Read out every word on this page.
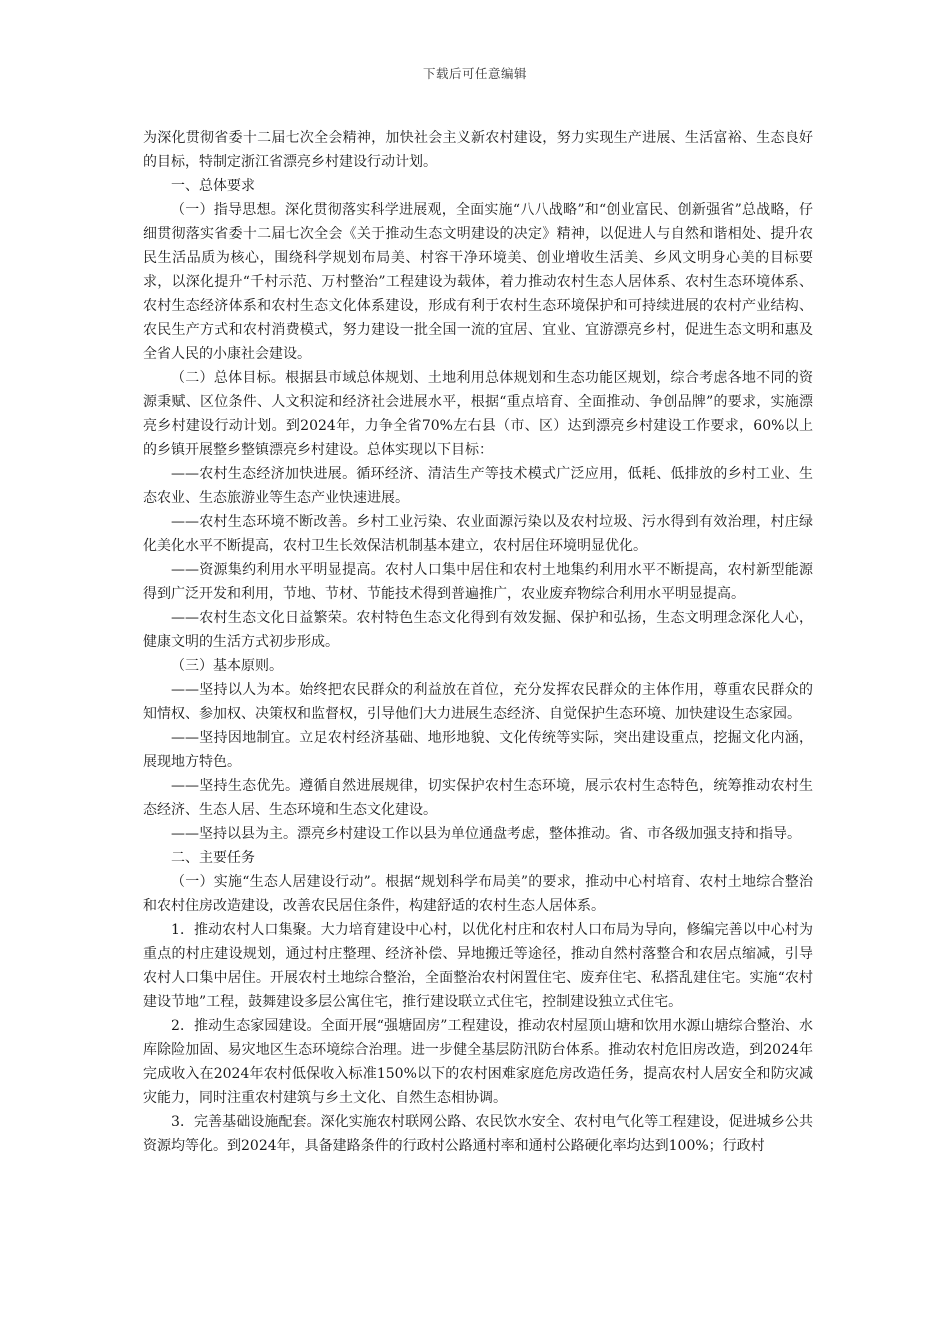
下载后可任意编辑

为深化贯彻省委十二届七次全会精神，加快社会主义新农村建设，努力实现生产进展、生活富裕、生态良好的目标，特制定浙江省漂亮乡村建设行动计划。

一、总体要求

（一）指导思想。深化贯彻落实科学进展观，全面实施“八八战略”和“创业富民、创新强省”总战略，仔细贯彻落实省委十二届七次全会《关于推动生态文明建设的决定》精神，以促进人与自然和谐相处、提升农民生活品质为核心，围绕科学规划布局美、村容干净环境美、创业增收生活美、乡风文明身心美的目标要求，以深化提升“千村示范、万村整治”工程建设为载体，着力推动农村生态人居体系、农村生态环境体系、农村生态经济体系和农村生态文化体系建设，形成有利于农村生态环境保护和可持续进展的农村产业结构、农民生产方式和农村消费模式，努力建设一批全国一流的宜居、宜业、宜游漂亮乡村，促进生态文明和惠及全省人民的小康社会建设。

（二）总体目标。根据县市域总体规划、土地利用总体规划和生态功能区规划，综合考虑各地不同的资源秉赋、区位条件、人文积淀和经济社会进展水平，根据“重点培育、全面推动、争创品牌”的要求，实施漂亮乡村建设行动计划。到2024年，力争全省70%左右县（市、区）达到漂亮乡村建设工作要求，60%以上的乡镇开展整乡整镇漂亮乡村建设。总体实现以下目标：

——农村生态经济加快进展。循环经济、清洁生产等技术模式广泛应用，低耗、低排放的乡村工业、生态农业、生态旅游业等生态产业快速进展。

——农村生态环境不断改善。乡村工业污染、农业面源污染以及农村垃圾、污水得到有效治理，村庄绿化美化水平不断提高，农村卫生长效保洁机制基本建立，农村居住环境明显优化。

——资源集约利用水平明显提高。农村人口集中居住和农村土地集约利用水平不断提高，农村新型能源得到广泛开发和利用，节地、节材、节能技术得到普遍推广，农业废弃物综合利用水平明显提高。

——农村生态文化日益繁荣。农村特色生态文化得到有效发掘、保护和弘扬，生态文明理念深化人心，健康文明的生活方式初步形成。

（三）基本原则。

——坚持以人为本。始终把农民群众的利益放在首位，充分发挥农民群众的主体作用，尊重农民群众的知情权、参加权、决策权和监督权，引导他们大力进展生态经济、自觉保护生态环境、加快建设生态家园。

——坚持因地制宜。立足农村经济基础、地形地貌、文化传统等实际，突出建设重点，挖掘文化内涵，展现地方特色。

——坚持生态优先。遵循自然进展规律，切实保护农村生态环境，展示农村生态特色，统筹推动农村生态经济、生态人居、生态环境和生态文化建设。

——坚持以县为主。漂亮乡村建设工作以县为单位通盘考虑，整体推动。省、市各级加强支持和指导。

二、主要任务

（一）实施“生态人居建设行动”。根据“规划科学布局美”的要求，推动中心村培育、农村土地综合整治和农村住房改造建设，改善农民居住条件，构建舒适的农村生态人居体系。

1．推动农村人口集聚。大力培育建设中心村，以优化村庄和农村人口布局为导向，修编完善以中心村为重点的村庄建设规划，通过村庄整理、经济补偿、异地搬迁等途径，推动自然村落整合和农居点缩减，引导农村人口集中居住。开展农村土地综合整治，全面整治农村闲置住宅、废弃住宅、私搭乱建住宅。实施“农村建设节地”工程，鼓舞建设多层公寓住宅，推行建设联立式住宅，控制建设独立式住宅。

2．推动生态家园建设。全面开展“强塘固房”工程建设，推动农村屋顶山塘和饮用水源山塘综合整治、水库除险加固、易灾地区生态环境综合治理。进一步健全基层防汛防台体系。推动农村危旧房改造，到2024年完成收入在2024年农村低保收入标准150%以下的农村困难家庭危房改造任务，提高农村人居安全和防灾减灾能力，同时注重农村建筑与乡土文化、自然生态相协调。

3．完善基础设施配套。深化实施农村联网公路、农民饮水安全、农村电气化等工程建设，促进城乡公共资源均等化。到2024年，具备建路条件的行政村公路通村率和通村公路硬化率均达到100%；行政村
